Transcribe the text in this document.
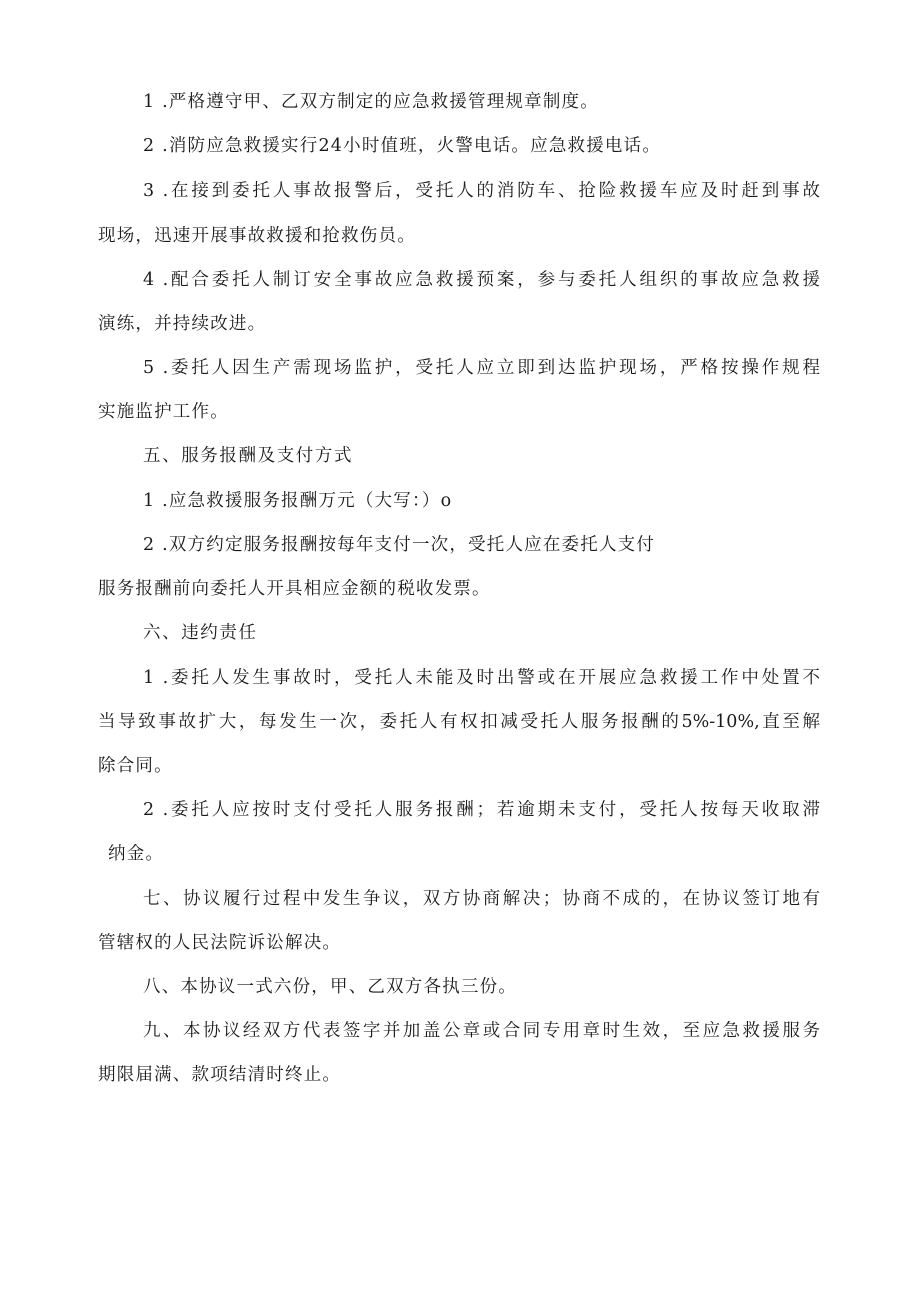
1 .严格遵守甲、乙双方制定的应急救援管理规章制度。
2 .消防应急救援实行24小时值班，火警电话。应急救援电话。
3 .在接到委托人事故报警后，受托人的消防车、抢险救援车应及时赶到事故
现场，迅速开展事故救援和抢救伤员。
4 .配合委托人制订安全事故应急救援预案，参与委托人组织的事故应急救援
演练，并持续改进。
5 .委托人因生产需现场监护，受托人应立即到达监护现场，严格按操作规程
实施监护工作。
五、服务报酬及支付方式
1 .应急救援服务报酬万元（大写：）o
2 .双方约定服务报酬按每年支付一次，受托人应在委托人支付
服务报酬前向委托人开具相应金额的税收发票。
六、违约责任
1 .委托人发生事故时，受托人未能及时出警或在开展应急救援工作中处置不
当导致事故扩大，每发生一次，委托人有权扣减受托人服务报酬的5%-10%,直至解
除合同。
2 .委托人应按时支付受托人服务报酬；若逾期未支付，受托人按每天收取滞
纳金。
七、协议履行过程中发生争议，双方协商解决；协商不成的，在协议签订地有
管辖权的人民法院诉讼解决。
八、本协议一式六份，甲、乙双方各执三份。
九、本协议经双方代表签字并加盖公章或合同专用章时生效，至应急救援服务
期限届满、款项结清时终止。
